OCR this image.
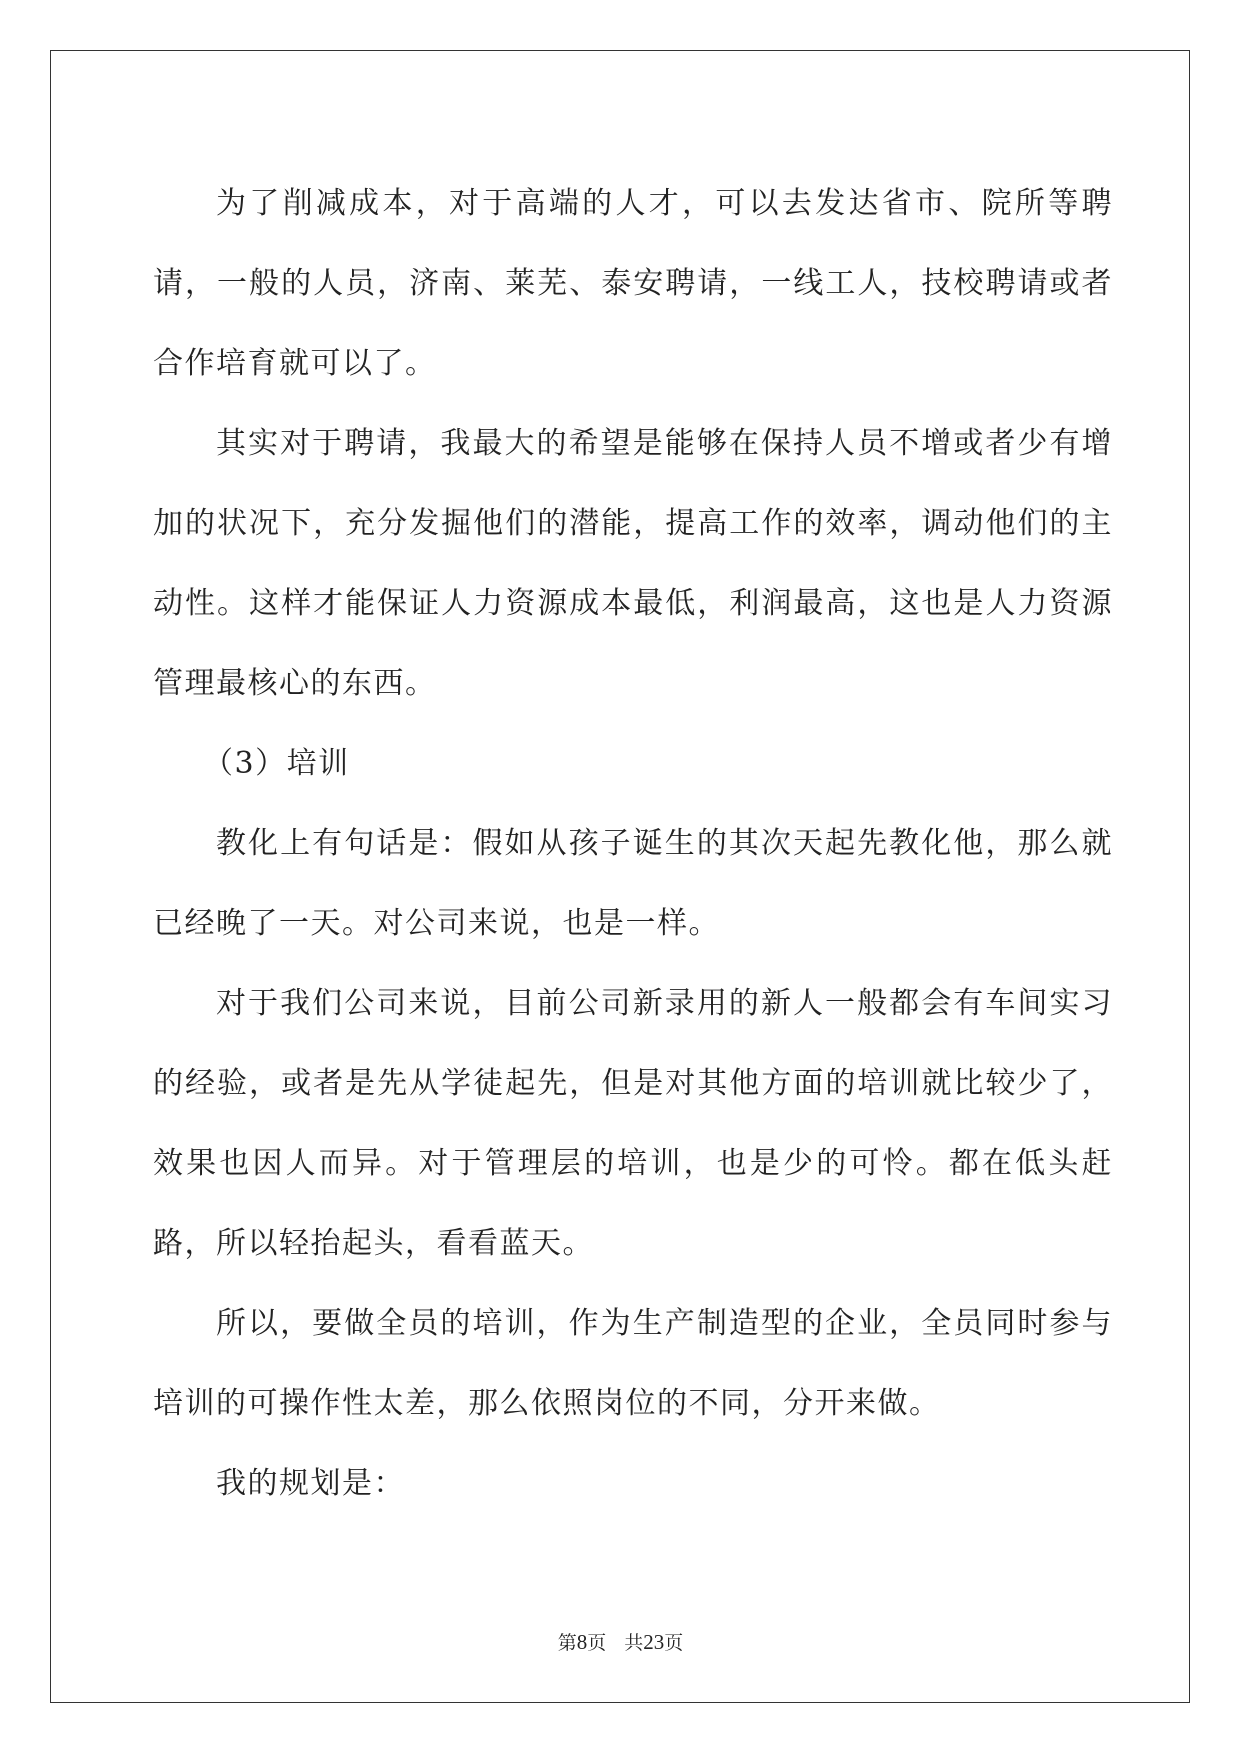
为了削减成本，对于高端的人才，可以去发达省市、院所等聘请，一般的人员，济南、莱芜、泰安聘请，一线工人，技校聘请或者合作培育就可以了。

其实对于聘请，我最大的希望是能够在保持人员不增或者少有增加的状况下，充分发掘他们的潜能，提高工作的效率，调动他们的主动性。这样才能保证人力资源成本最低，利润最高，这也是人力资源管理最核心的东西。

（3）培训

教化上有句话是：假如从孩子诞生的其次天起先教化他，那么就已经晚了一天。对公司来说，也是一样。

对于我们公司来说，目前公司新录用的新人一般都会有车间实习的经验，或者是先从学徒起先，但是对其他方面的培训就比较少了，效果也因人而异。对于管理层的培训，也是少的可怜。都在低头赶路，所以轻抬起头，看看蓝天。

所以，要做全员的培训，作为生产制造型的企业，全员同时参与培训的可操作性太差，那么依照岗位的不同，分开来做。

我的规划是：

第8页 共23页
